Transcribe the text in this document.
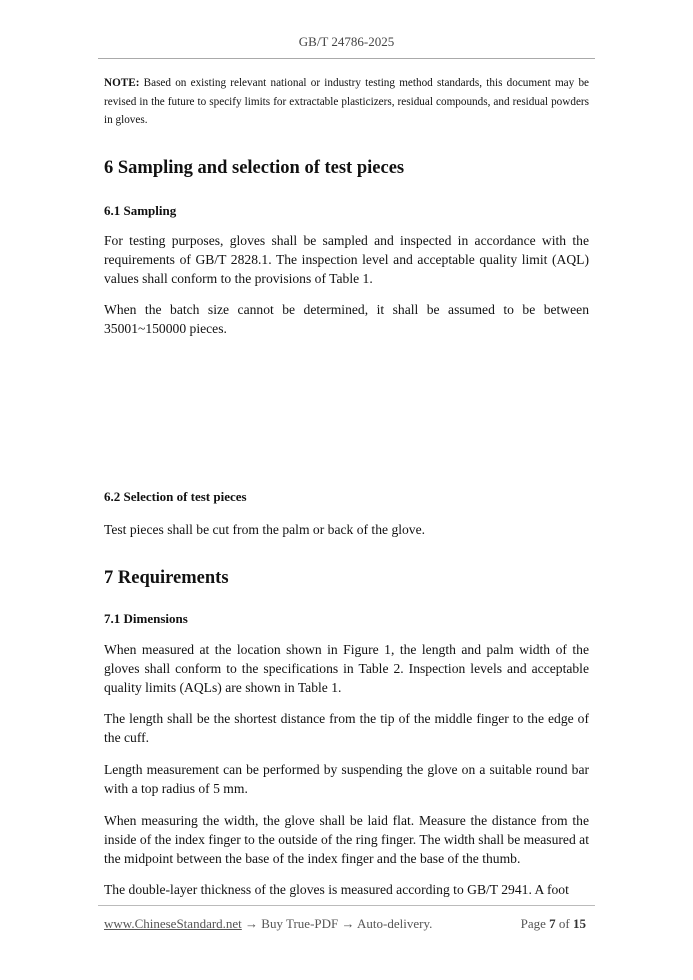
GB/T 24786-2025
NOTE: Based on existing relevant national or industry testing method standards, this document may be revised in the future to specify limits for extractable plasticizers, residual compounds, and residual powders in gloves.
6 Sampling and selection of test pieces
6.1 Sampling
For testing purposes, gloves shall be sampled and inspected in accordance with the requirements of GB/T 2828.1. The inspection level and acceptable quality limit (AQL) values shall conform to the provisions of Table 1.
When the batch size cannot be determined, it shall be assumed to be between 35001~150000 pieces.
6.2 Selection of test pieces
Test pieces shall be cut from the palm or back of the glove.
7 Requirements
7.1 Dimensions
When measured at the location shown in Figure 1, the length and palm width of the gloves shall conform to the specifications in Table 2. Inspection levels and acceptable quality limits (AQLs) are shown in Table 1.
The length shall be the shortest distance from the tip of the middle finger to the edge of the cuff.
Length measurement can be performed by suspending the glove on a suitable round bar with a top radius of 5 mm.
When measuring the width, the glove shall be laid flat. Measure the distance from the inside of the index finger to the outside of the ring finger. The width shall be measured at the midpoint between the base of the index finger and the base of the thumb.
The double-layer thickness of the gloves is measured according to GB/T 2941. A foot
www.ChineseStandard.net → Buy True-PDF → Auto-delivery.	Page 7 of 15
